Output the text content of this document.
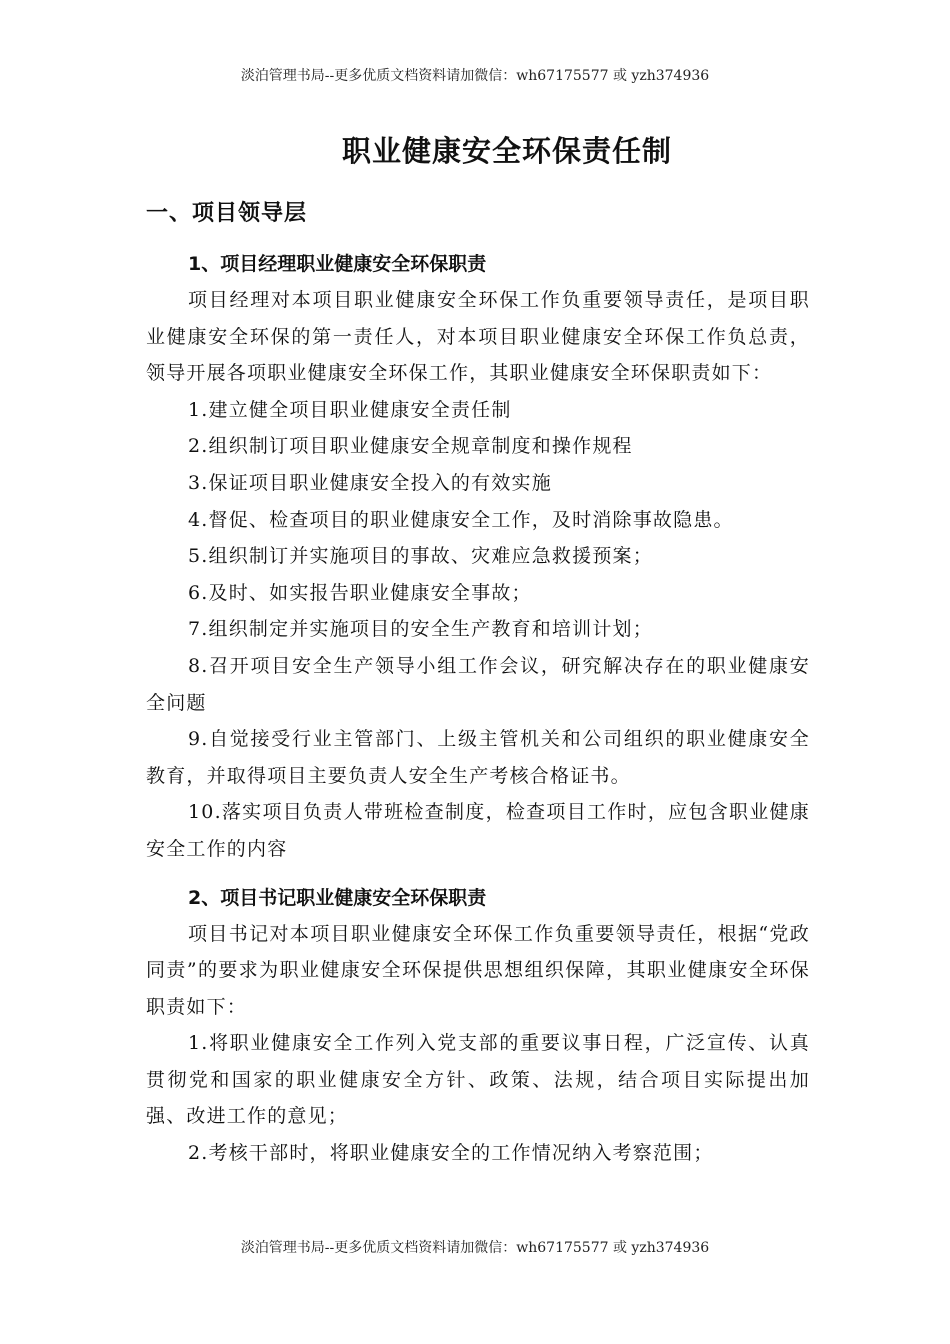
淡泊管理书局--更多优质文档资料请加微信：wh67175577 或 yzh374936
职业健康安全环保责任制

一、项目领导层

1、项目经理职业健康安全环保职责

项目经理对本项目职业健康安全环保工作负重要领导责任，是项目职业健康安全环保的第一责任人，对本项目职业健康安全环保工作负总责，领导开展各项职业健康安全环保工作，其职业健康安全环保职责如下：

1.建立健全项目职业健康安全责任制

2.组织制订项目职业健康安全规章制度和操作规程

3.保证项目职业健康安全投入的有效实施

4.督促、检查项目的职业健康安全工作，及时消除事故隐患。

5.组织制订并实施项目的事故、灾难应急救援预案；

6.及时、如实报告职业健康安全事故；

7.组织制定并实施项目的安全生产教育和培训计划；

8.召开项目安全生产领导小组工作会议，研究解决存在的职业健康安全问题

9.自觉接受行业主管部门、上级主管机关和公司组织的职业健康安全教育，并取得项目主要负责人安全生产考核合格证书。

10.落实项目负责人带班检查制度，检查项目工作时，应包含职业健康安全工作的内容

2、项目书记职业健康安全环保职责

项目书记对本项目职业健康安全环保工作负重要领导责任，根据“党政同责”的要求为职业健康安全环保提供思想组织保障，其职业健康安全环保职责如下：

1.将职业健康安全工作列入党支部的重要议事日程，广泛宣传、认真贯彻党和国家的职业健康安全方针、政策、法规，结合项目实际提出加强、改进工作的意见；

2.考核干部时，将职业健康安全的工作情况纳入考察范围；

淡泊管理书局--更多优质文档资料请加微信：wh67175577 或 yzh374936
